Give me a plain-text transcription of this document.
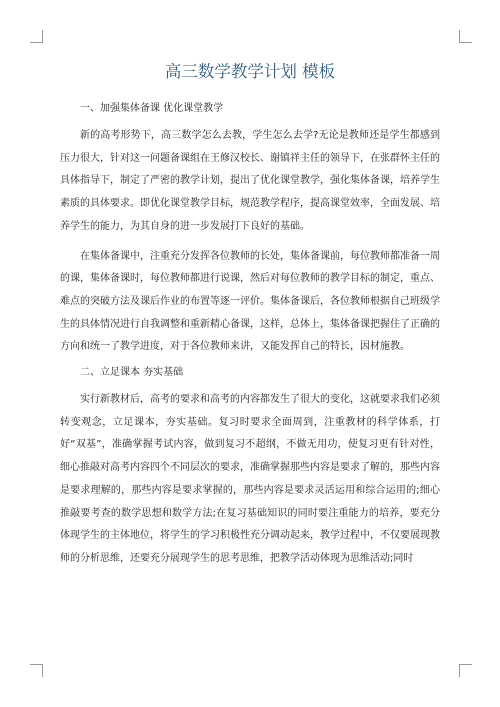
高三数学教学计划 模板
一、加强集体备课 优化课堂教学

新的高考形势下，高三数学怎么去教，学生怎么去学?无论是教师还是学生都感到压力很大，针对这一问题备课组在王修汉校长、谢镇祥主任的领导下，在张群怀主任的具体指导下，制定了严密的教学计划，提出了优化课堂教学，强化集体备课，培养学生素质的具体要求。即优化课堂教学目标，规范教学程序，提高课堂效率，全面发展、培养学生的能力，为其自身的进一步发展打下良好的基础。

在集体备课中，注重充分发挥各位教师的长处，集体备课前，每位教师都准备一周的课，集体备课时，每位教师都进行说课，然后对每位教师的教学目标的制定，重点、难点的突破方法及课后作业的布置等逐一评价。集体备课后，各位教师根据自己班级学生的具体情况进行自我调整和重新精心备课，这样，总体上，集体备课把握住了正确的方向和统一了教学进度，对于各位教师来讲，又能发挥自己的特长，因材施教。

二、立足课本 夯实基础

实行新教材后，高考的要求和高考的内容都发生了很大的变化，这就要求我们必须转变观念，立足课本，夯实基础。复习时要求全面周到，注重教材的科学体系，打好“双基”，准确掌握考试内容，做到复习不超纲，不做无用功，使复习更有针对性，细心推敲对高考内容四个不同层次的要求，准确掌握那些内容是要求了解的，那些内容是要求理解的，那些内容是要求掌握的，那些内容是要求灵活运用和综合运用的;细心推敲要考查的数学思想和数学方法;在复习基础知识的同时要注重能力的培养，要充分体现学生的主体地位，将学生的学习积极性充分调动起来，教学过程中，不仅要展现教师的分析思维，还要充分展现学生的思考思维，把教学活动体现为思维活动;同时
